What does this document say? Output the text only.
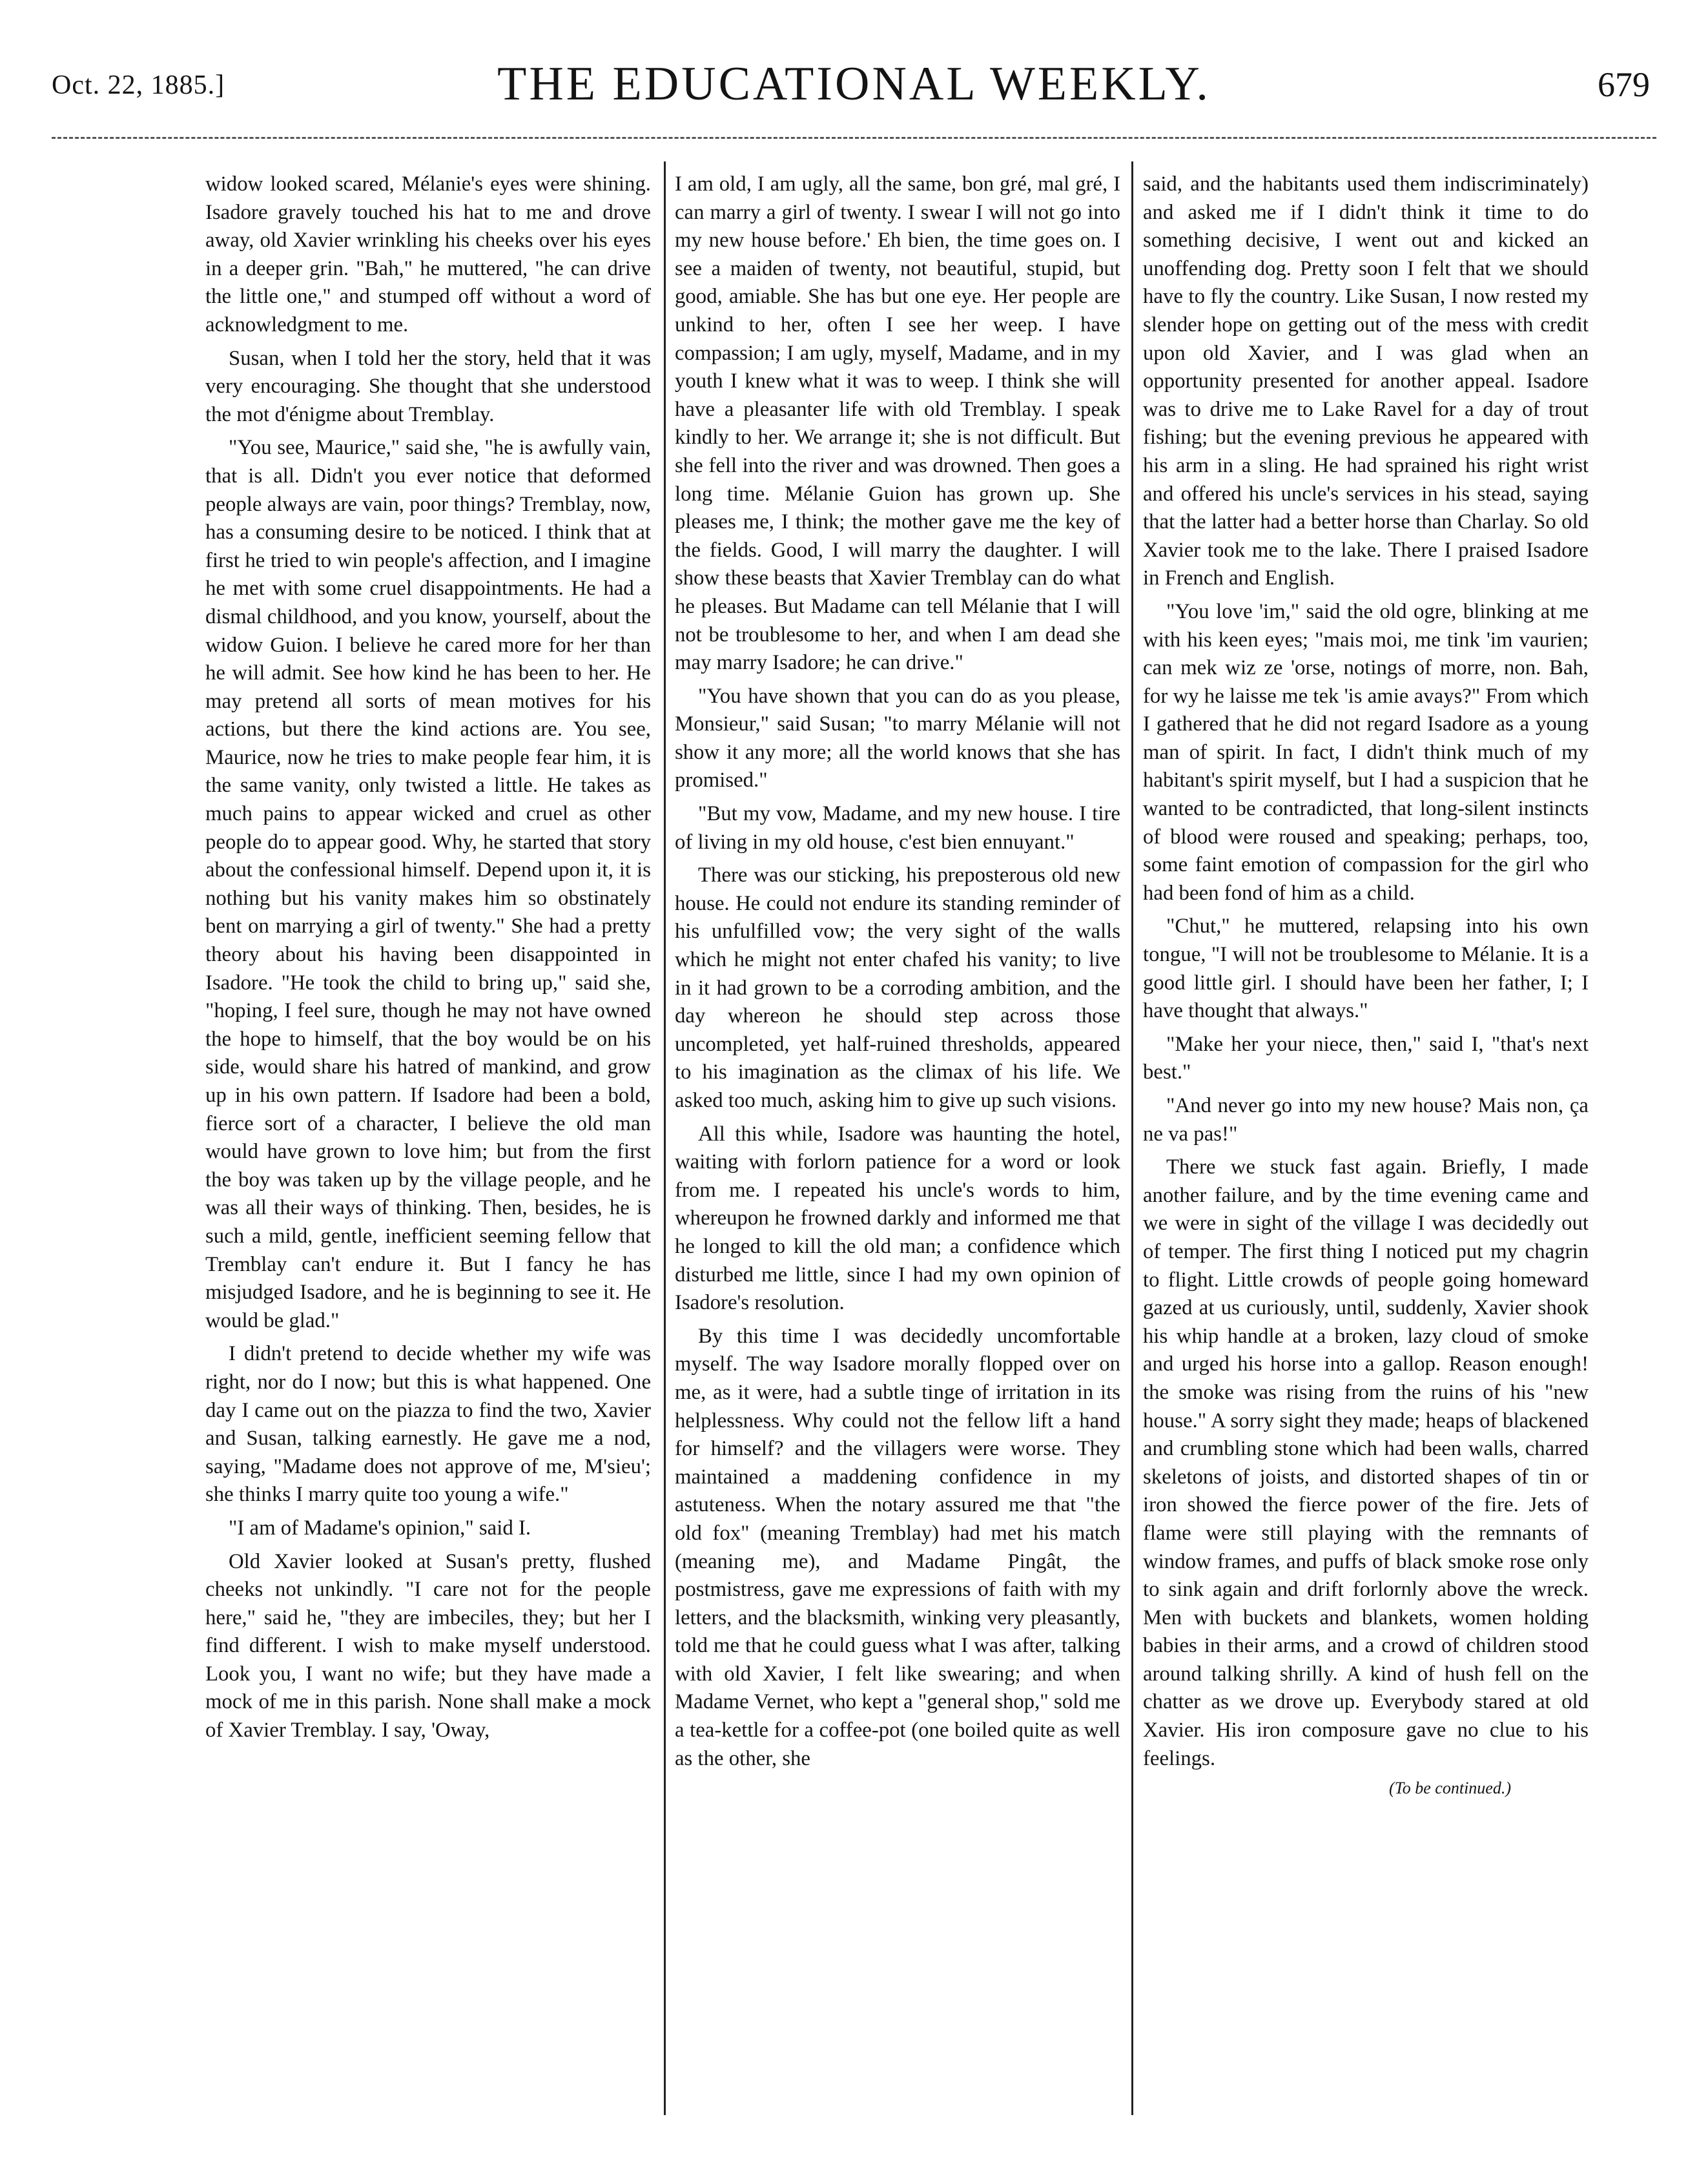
Oct. 22, 1885.]	THE EDUCATIONAL WEEKLY.	679

widow looked scared, Mélanie's eyes were shining. Isadore gravely touched his hat to me and drove away, old Xavier wrinkling his cheeks over his eyes in a deeper grin. "Bah," he muttered, "he can drive the little one," and stumped off without a word of acknowledgment to me.

Susan, when I told her the story, held that it was very encouraging. She thought that she understood the mot d'énigme about Tremblay.

"You see, Maurice," said she, "he is awfully vain, that is all. Didn't you ever notice that deformed people always are vain, poor things? Tremblay, now, has a consuming desire to be noticed. I think that at first he tried to win people's affection, and I imagine he met with some cruel disappointments. He had a dismal childhood, and you know, yourself, about the widow Guion. I believe he cared more for her than he will admit. See how kind he has been to her. He may pretend all sorts of mean motives for his actions, but there the kind actions are. You see, Maurice, now he tries to make people fear him, it is the same vanity, only twisted a little. He takes as much pains to appear wicked and cruel as other people do to appear good. Why, he started that story about the confessional himself. Depend upon it, it is nothing but his vanity makes him so obstinately bent on marrying a girl of twenty." She had a pretty theory about his having been disappointed in Isadore. "He took the child to bring up," said she, "hoping, I feel sure, though he may not have owned the hope to himself, that the boy would be on his side, would share his hatred of mankind, and grow up in his own pattern. If Isadore had been a bold, fierce sort of a character, I believe the old man would have grown to love him; but from the first the boy was taken up by the village people, and he was all their ways of thinking. Then, besides, he is such a mild, gentle, inefficient seeming fellow that Tremblay can't endure it. But I fancy he has misjudged Isadore, and he is beginning to see it. He would be glad."

I didn't pretend to decide whether my wife was right, nor do I now; but this is what happened. One day I came out on the piazza to find the two, Xavier and Susan, talking earnestly. He gave me a nod, saying, "Madame does not approve of me, M'sieu'; she thinks I marry quite too young a wife."

"I am of Madame's opinion," said I.

Old Xavier looked at Susan's pretty, flushed cheeks not unkindly. "I care not for the people here," said he, "they are imbeciles, they; but her I find different. I wish to make myself understood. Look you, I want no wife; but they have made a mock of me in this parish. None shall make a mock of Xavier Tremblay. I say, 'Oway,

I am old, I am ugly, all the same, bon gré, mal gré, I can marry a girl of twenty. I swear I will not go into my new house before.' Eh bien, the time goes on. I see a maiden of twenty, not beautiful, stupid, but good, amiable. She has but one eye. Her people are unkind to her, often I see her weep. I have compassion; I am ugly, myself, Madame, and in my youth I knew what it was to weep. I think she will have a pleasanter life with old Tremblay. I speak kindly to her. We arrange it; she is not difficult. But she fell into the river and was drowned. Then goes a long time. Mélanie Guion has grown up. She pleases me, I think; the mother gave me the key of the fields. Good, I will marry the daughter. I will show these beasts that Xavier Tremblay can do what he pleases. But Madame can tell Mélanie that I will not be troublesome to her, and when I am dead she may marry Isadore; he can drive."

"You have shown that you can do as you please, Monsieur," said Susan; "to marry Mélanie will not show it any more; all the world knows that she has promised."

"But my vow, Madame, and my new house. I tire of living in my old house, c'est bien ennuyant."

There was our sticking, his preposterous old new house. He could not endure its standing reminder of his unfulfilled vow; the very sight of the walls which he might not enter chafed his vanity; to live in it had grown to be a corroding ambition, and the day whereon he should step across those uncompleted, yet half-ruined thresholds, appeared to his imagination as the climax of his life. We asked too much, asking him to give up such visions.

All this while, Isadore was haunting the hotel, waiting with forlorn patience for a word or look from me. I repeated his uncle's words to him, whereupon he frowned darkly and informed me that he longed to kill the old man; a confidence which disturbed me little, since I had my own opinion of Isadore's resolution.

By this time I was decidedly uncomfortable myself. The way Isadore morally flopped over on me, as it were, had a subtle tinge of irritation in its helplessness. Why could not the fellow lift a hand for himself? and the villagers were worse. They maintained a maddening confidence in my astuteness. When the notary assured me that "the old fox" (meaning Tremblay) had met his match (meaning me), and Madame Pingât, the postmistress, gave me expressions of faith with my letters, and the blacksmith, winking very pleasantly, told me that he could guess what I was after, talking with old Xavier, I felt like swearing; and when Madame Vernet, who kept a "general shop," sold me a tea-kettle for a coffee-pot (one boiled quite as well as the other, she

said, and the habitants used them indiscriminately) and asked me if I didn't think it time to do something decisive, I went out and kicked an unoffending dog. Pretty soon I felt that we should have to fly the country. Like Susan, I now rested my slender hope on getting out of the mess with credit upon old Xavier, and I was glad when an opportunity presented for another appeal. Isadore was to drive me to Lake Ravel for a day of trout fishing; but the evening previous he appeared with his arm in a sling. He had sprained his right wrist and offered his uncle's services in his stead, saying that the latter had a better horse than Charlay. So old Xavier took me to the lake. There I praised Isadore in French and English.

"You love 'im," said the old ogre, blinking at me with his keen eyes; "mais moi, me tink 'im vaurien; can mek wiz ze 'orse, notings of morre, non. Bah, for wy he laisse me tek 'is amie avays?" From which I gathered that he did not regard Isadore as a young man of spirit. In fact, I didn't think much of my habitant's spirit myself, but I had a suspicion that he wanted to be contradicted, that long-silent instincts of blood were roused and speaking; perhaps, too, some faint emotion of compassion for the girl who had been fond of him as a child.

"Chut," he muttered, relapsing into his own tongue, "I will not be troublesome to Mélanie. It is a good little girl. I should have been her father, I; I have thought that always."

"Make her your niece, then," said I, "that's next best."

"And never go into my new house? Mais non, ça ne va pas!"

There we stuck fast again. Briefly, I made another failure, and by the time evening came and we were in sight of the village I was decidedly out of temper. The first thing I noticed put my chagrin to flight. Little crowds of people going homeward gazed at us curiously, until, suddenly, Xavier shook his whip handle at a broken, lazy cloud of smoke and urged his horse into a gallop. Reason enough! the smoke was rising from the ruins of his "new house." A sorry sight they made; heaps of blackened and crumbling stone which had been walls, charred skeletons of joists, and distorted shapes of tin or iron showed the fierce power of the fire. Jets of flame were still playing with the remnants of window frames, and puffs of black smoke rose only to sink again and drift forlornly above the wreck. Men with buckets and blankets, women holding babies in their arms, and a crowd of children stood around talking shrilly. A kind of hush fell on the chatter as we drove up. Everybody stared at old Xavier. His iron composure gave no clue to his feelings.

(To be continued.)
